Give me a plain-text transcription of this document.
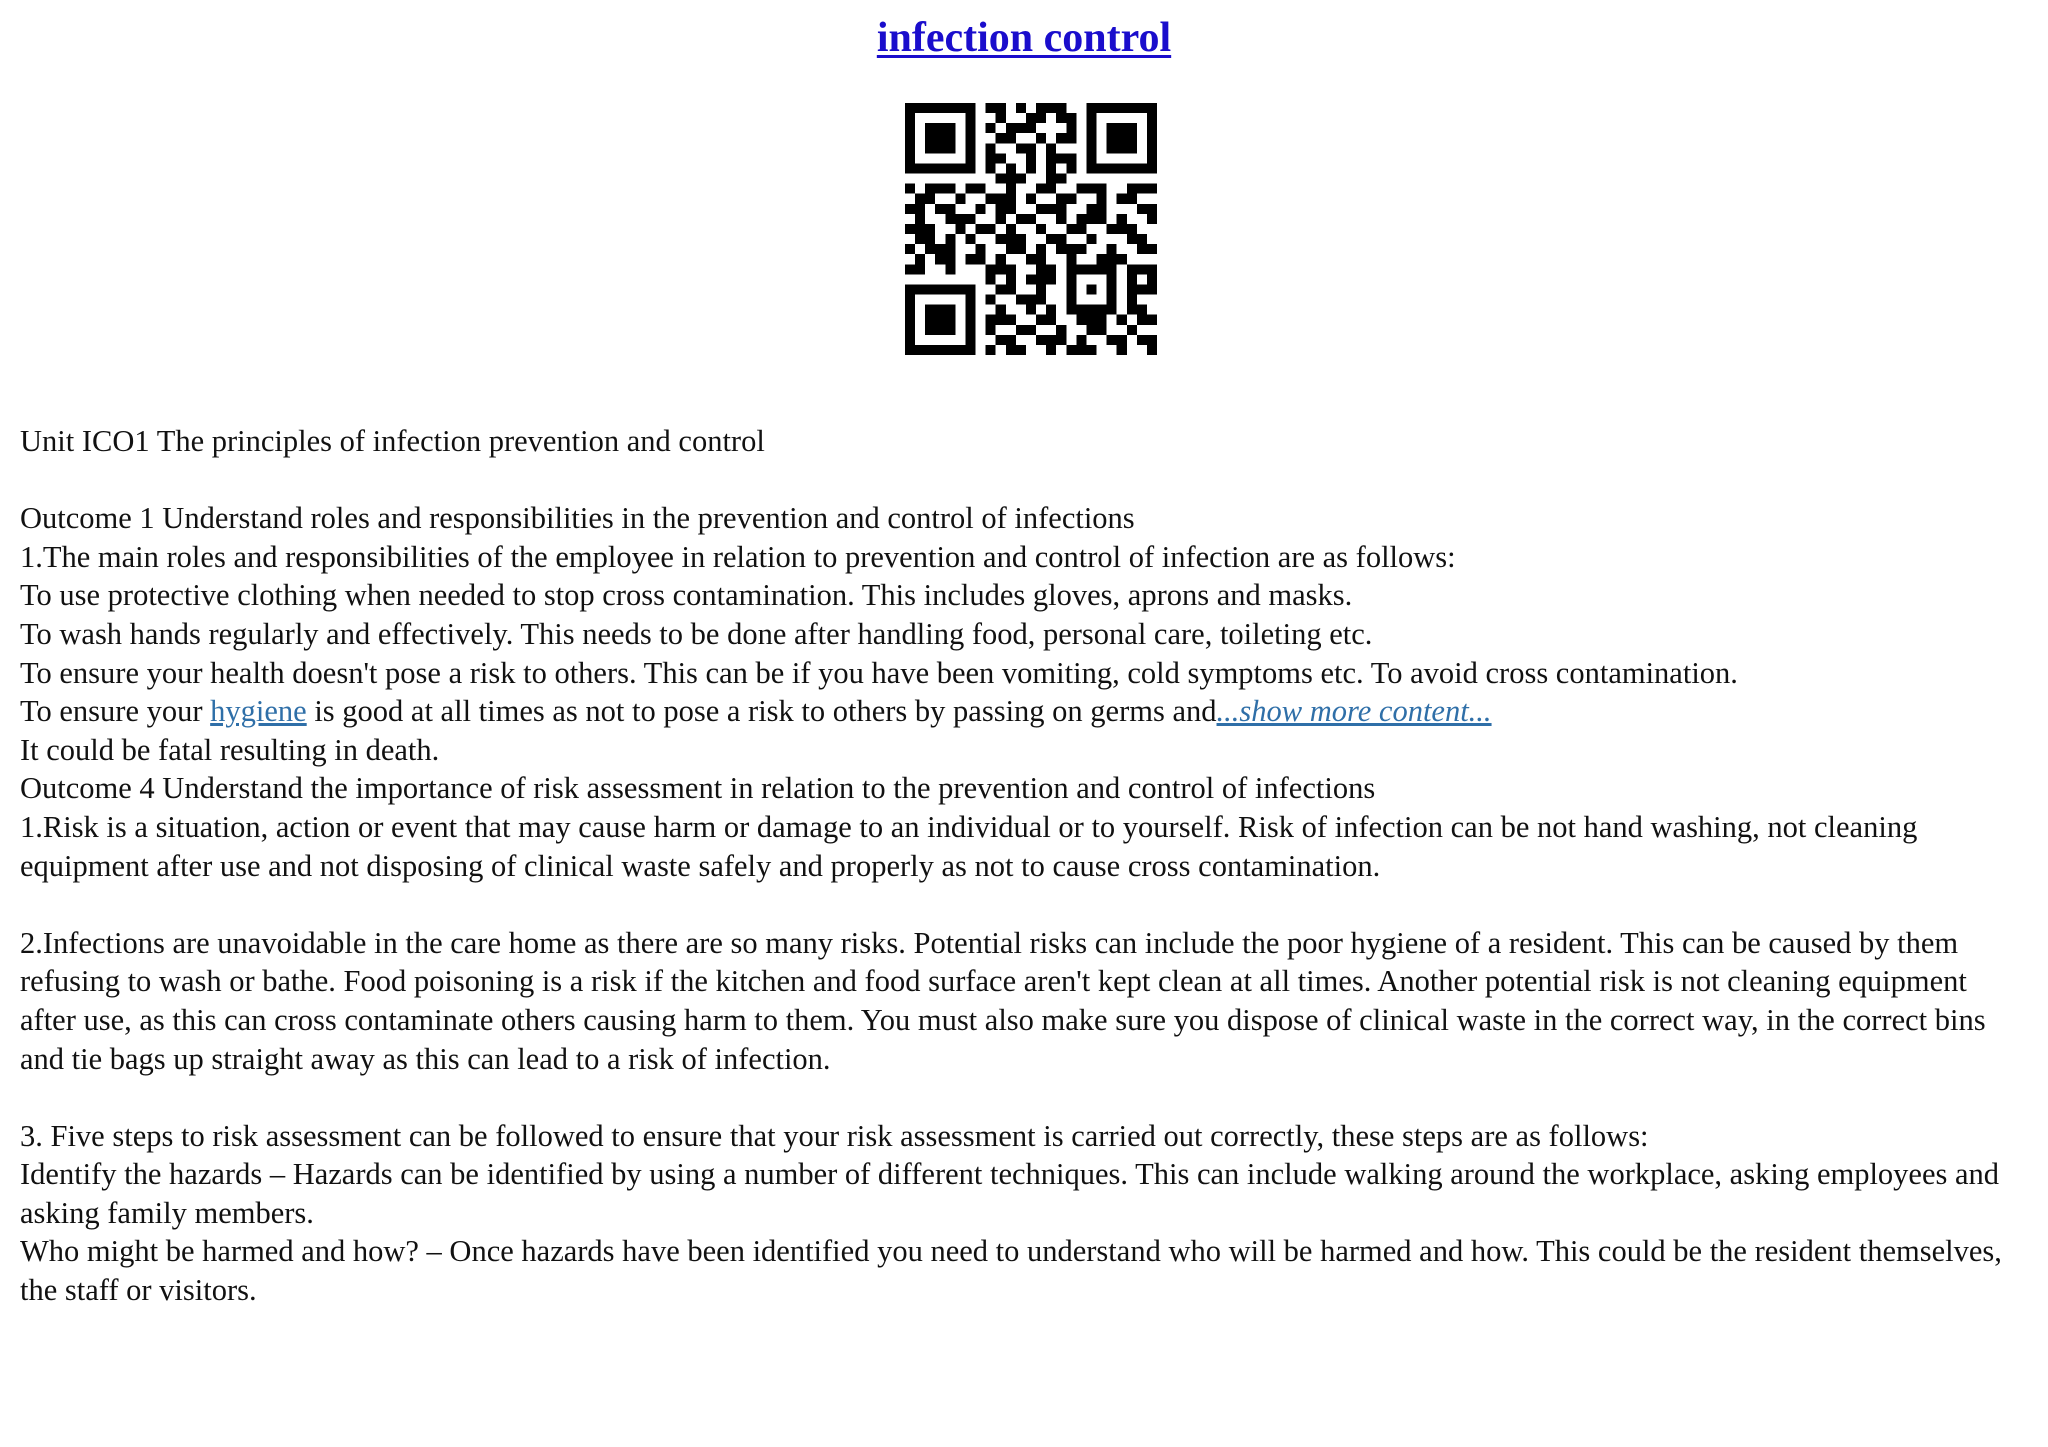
infection control

Unit ICO1 The principles of infection prevention and control

Outcome 1 Understand roles and responsibilities in the prevention and control of infections

1.The main roles and responsibilities of the employee in relation to prevention and control of infection are as follows:

To use protective clothing when needed to stop cross contamination. This includes gloves, aprons and masks.

To wash hands regularly and effectively. This needs to be done after handling food, personal care, toileting etc.

To ensure your health doesn't pose a risk to others. This can be if you have been vomiting, cold symptoms etc. To avoid cross contamination.

To ensure your hygiene is good at all times as not to pose a risk to others by passing on germs and...show more content...

It could be fatal resulting in death.

Outcome 4 Understand the importance of risk assessment in relation to the prevention and control of infections

1.Risk is a situation, action or event that may cause harm or damage to an individual or to yourself. Risk of infection can be not hand washing, not cleaning equipment after use and not disposing of clinical waste safely and properly as not to cause cross contamination.

2.Infections are unavoidable in the care home as there are so many risks. Potential risks can include the poor hygiene of a resident. This can be caused by them refusing to wash or bathe. Food poisoning is a risk if the kitchen and food surface aren't kept clean at all times. Another potential risk is not cleaning equipment after use, as this can cross contaminate others causing harm to them. You must also make sure you dispose of clinical waste in the correct way, in the correct bins and tie bags up straight away as this can lead to a risk of infection.

3. Five steps to risk assessment can be followed to ensure that your risk assessment is carried out correctly, these steps are as follows:

Identify the hazards – Hazards can be identified by using a number of different techniques. This can include walking around the workplace, asking employees and asking family members.

Who might be harmed and how? – Once hazards have been identified you need to understand who will be harmed and how. This could be the resident themselves, the staff or visitors.
